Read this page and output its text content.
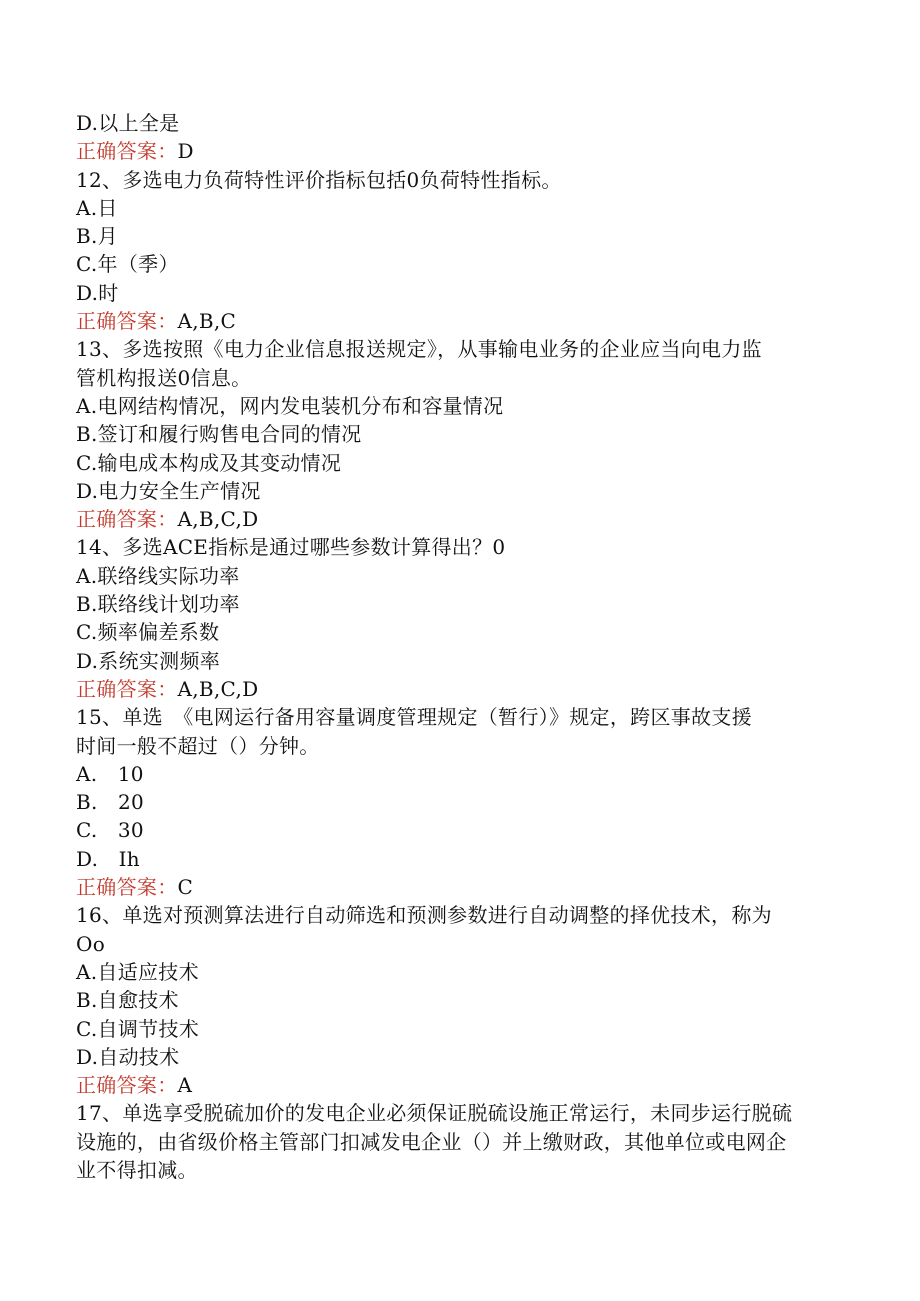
D.以上全是
正确答案：D
12、多选电力负荷特性评价指标包括0负荷特性指标。
A.日
B.月
C.年（季）
D.时
正确答案：A,B,C
13、多选按照《电力企业信息报送规定》，从事输电业务的企业应当向电力监
管机构报送0信息。
A.电网结构情况，网内发电装机分布和容量情况
B.签订和履行购售电合同的情况
C.输电成本构成及其变动情况
D.电力安全生产情况
正确答案：A,B,C,D
14、多选ACE指标是通过哪些参数计算得出？0
A.联络线实际功率
B.联络线计划功率
C.频率偏差系数
D.系统实测频率
正确答案：A,B,C,D
15、单选　《电网运行备用容量调度管理规定（暂行）》规定，跨区事故支援
时间一般不超过（）分钟。
A.　10
B.　20
C.　30
D.　Ih
正确答案：C
16、单选对预测算法进行自动筛选和预测参数进行自动调整的择优技术，称为
Oo
A.自适应技术
B.自愈技术
C.自调节技术
D.自动技术
正确答案：A
17、单选享受脱硫加价的发电企业必须保证脱硫设施正常运行，未同步运行脱硫
设施的，由省级价格主管部门扣减发电企业（）并上缴财政，其他单位或电网企
业不得扣减。
